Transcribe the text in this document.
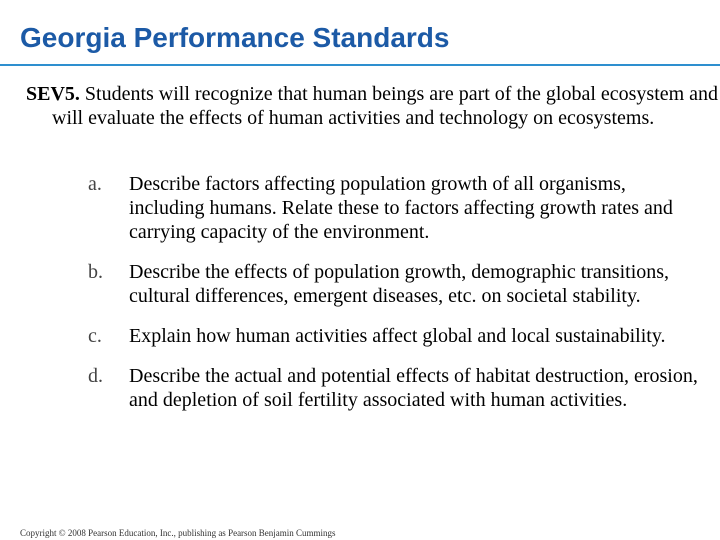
Georgia Performance Standards

SEV5. Students will recognize that human beings are part of the global ecosystem and will evaluate the effects of human activities and technology on ecosystems.

a. Describe factors affecting population growth of all organisms, including humans. Relate these to factors affecting growth rates and carrying capacity of the environment.
b. Describe the effects of population growth, demographic transitions, cultural differences, emergent diseases, etc. on societal stability.
c. Explain how human activities affect global and local sustainability.
d. Describe the actual and potential effects of habitat destruction, erosion, and depletion of soil fertility associated with human activities.
Copyright © 2008 Pearson Education, Inc., publishing as Pearson Benjamin Cummings
